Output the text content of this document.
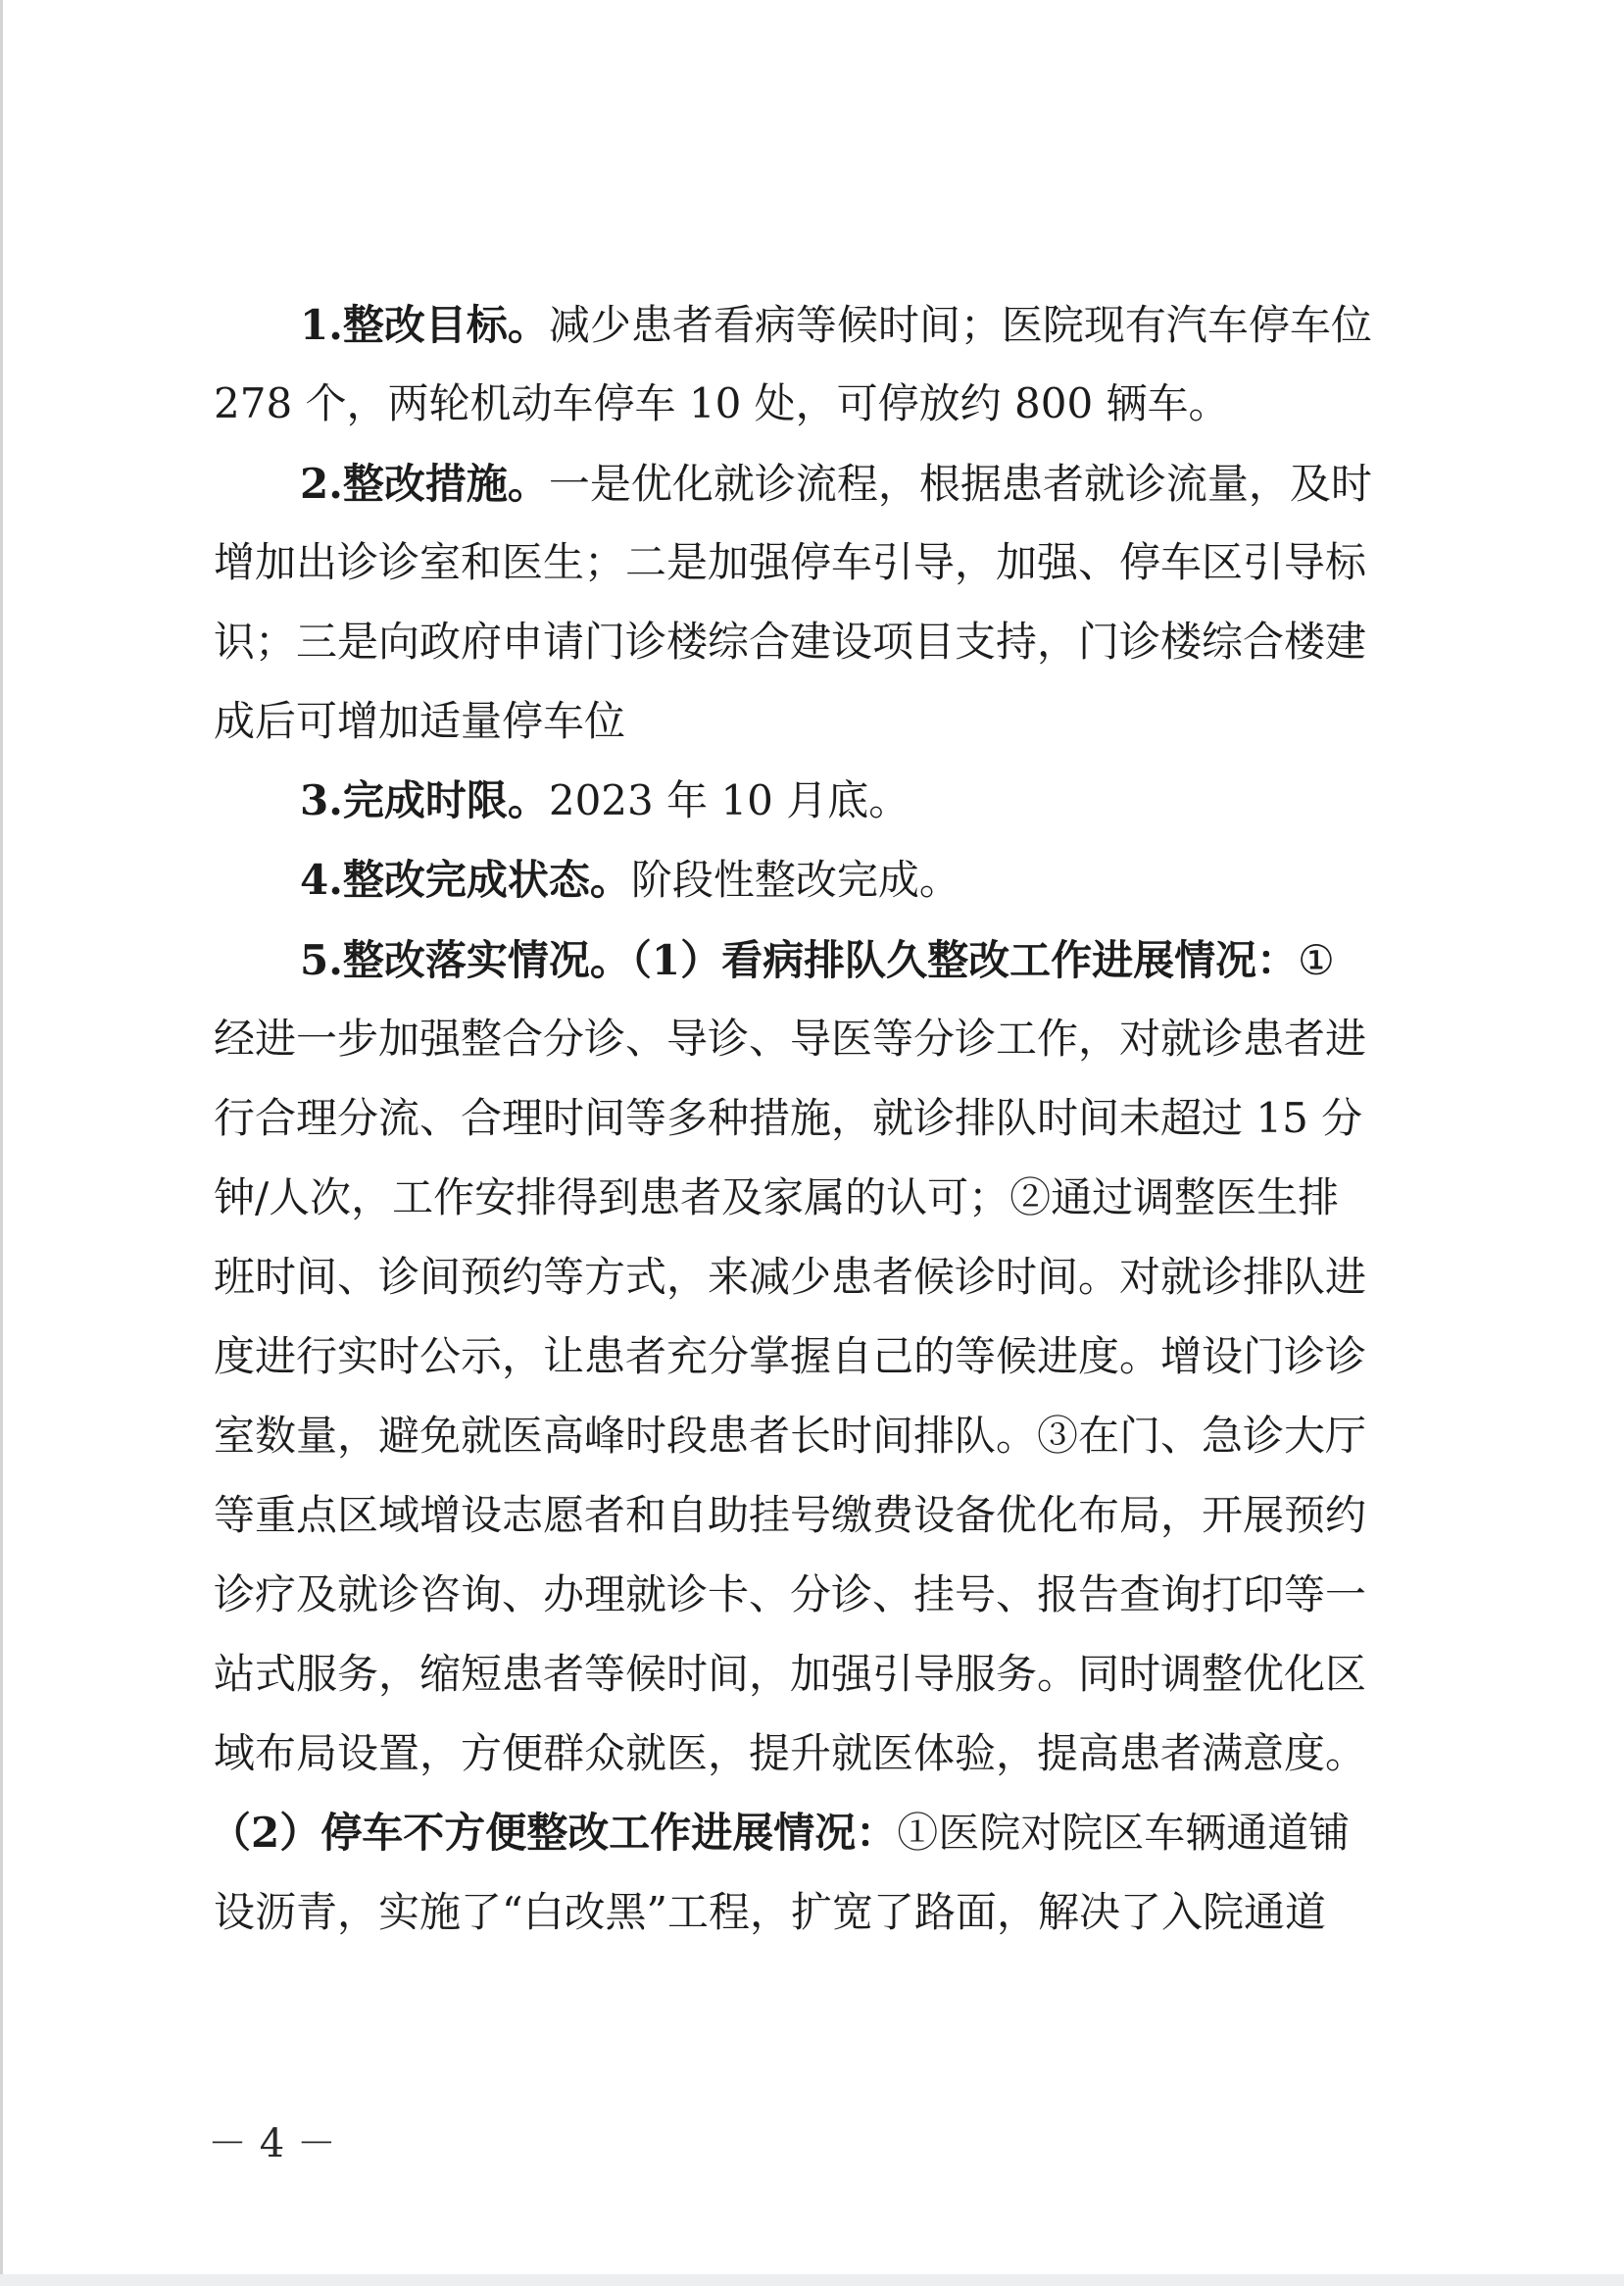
1.整改目标。减少患者看病等候时间；医院现有汽车停车位
278 个，两轮机动车停车 10 处，可停放约 800 辆车。
2.整改措施。一是优化就诊流程，根据患者就诊流量，及时
增加出诊诊室和医生；二是加强停车引导，加强、停车区引导标
识；三是向政府申请门诊楼综合建设项目支持，门诊楼综合楼建
成后可增加适量停车位
3.完成时限。2023 年 10 月底。
4.整改完成状态。阶段性整改完成。
5.整改落实情况。（1）看病排队久整改工作进展情况：①
经进一步加强整合分诊、导诊、导医等分诊工作，对就诊患者进
行合理分流、合理时间等多种措施，就诊排队时间未超过 15 分
钟/人次，工作安排得到患者及家属的认可；②通过调整医生排
班时间、诊间预约等方式，来减少患者候诊时间。对就诊排队进
度进行实时公示，让患者充分掌握自己的等候进度。增设门诊诊
室数量，避免就医高峰时段患者长时间排队。③在门、急诊大厅
等重点区域增设志愿者和自助挂号缴费设备优化布局，开展预约
诊疗及就诊咨询、办理就诊卡、分诊、挂号、报告查询打印等一
站式服务，缩短患者等候时间，加强引导服务。同时调整优化区
域布局设置，方便群众就医，提升就医体验，提高患者满意度。
（2）停车不方便整改工作进展情况：①医院对院区车辆通道铺
设沥青，实施了“白改黑”工程，扩宽了路面，解决了入院通道
－ 4 －
